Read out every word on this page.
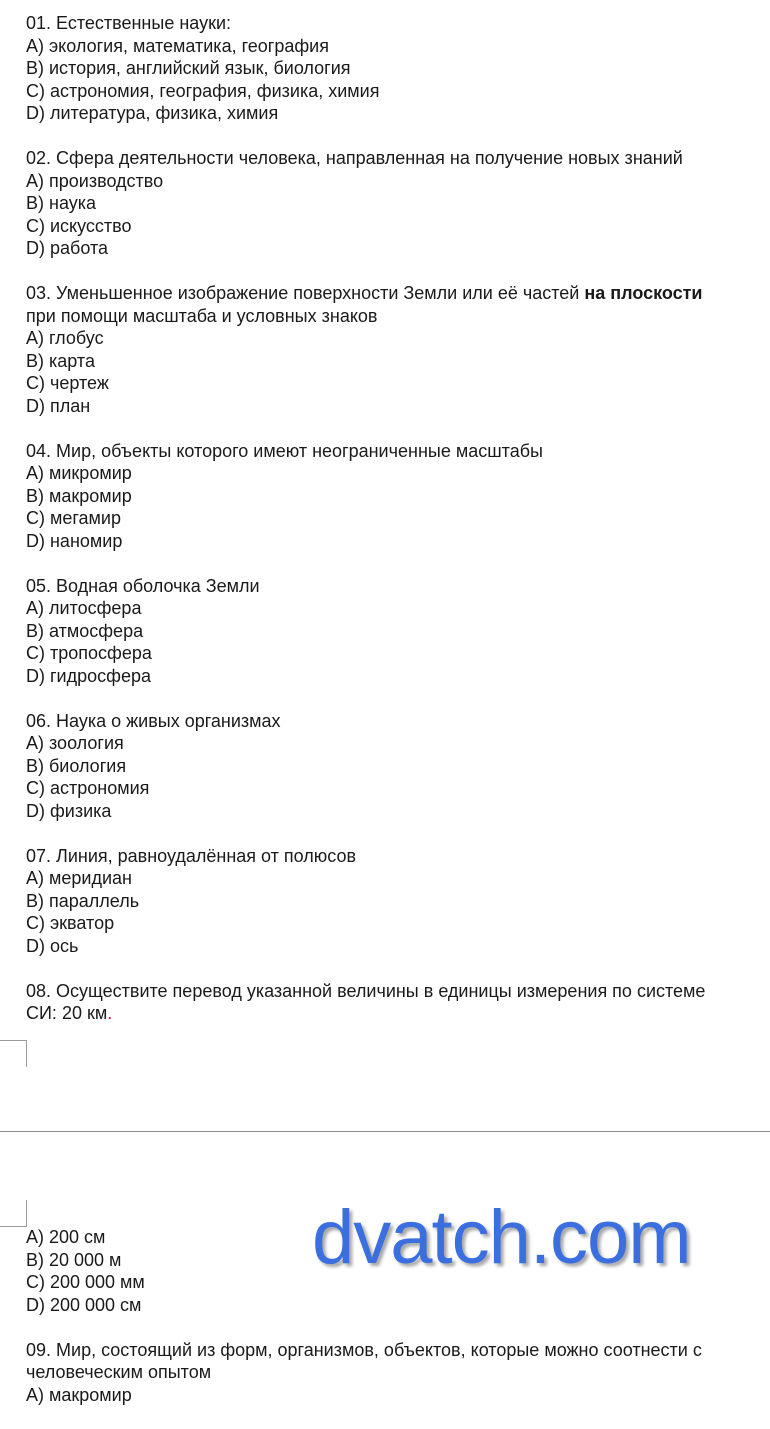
01. Естественные науки:

A) экология, математика, география

B) история, английский язык, биология

C) астрономия, география, физика, химия

D) литература, физика, химия

02. Сфера деятельности человека, направленная на получение новых знаний

A) производство

B) наука

C) искусство

D) работа

03. Уменьшенное изображение поверхности Земли или её частей на плоскости
при помощи масштаба и условных знаков

A) глобус

B) карта

C) чертеж

D) план

04. Мир, объекты которого имеют неограниченные масштабы

A) микромир

B) макромир

C) мегамир

D) наномир

05. Водная оболочка Земли

A) литосфера

B) атмосфера

C) тропосфера

D) гидросфера

06. Наука о живых организмах

A) зоология

B) биология

C) астрономия

D) физика

07. Линия, равноудалённая от полюсов

A) меридиан

B) параллель

C) экватор

D) ось

08. Осуществите перевод указанной величины в единицы измерения по системе
СИ: 20 км.

A) 200 см

B) 20 000 м

C) 200 000 мм

D) 200 000 см

09. Мир, состоящий из форм, организмов, объектов, которые можно соотнести с
человеческим опытом

A) макромир

dvatch.com
